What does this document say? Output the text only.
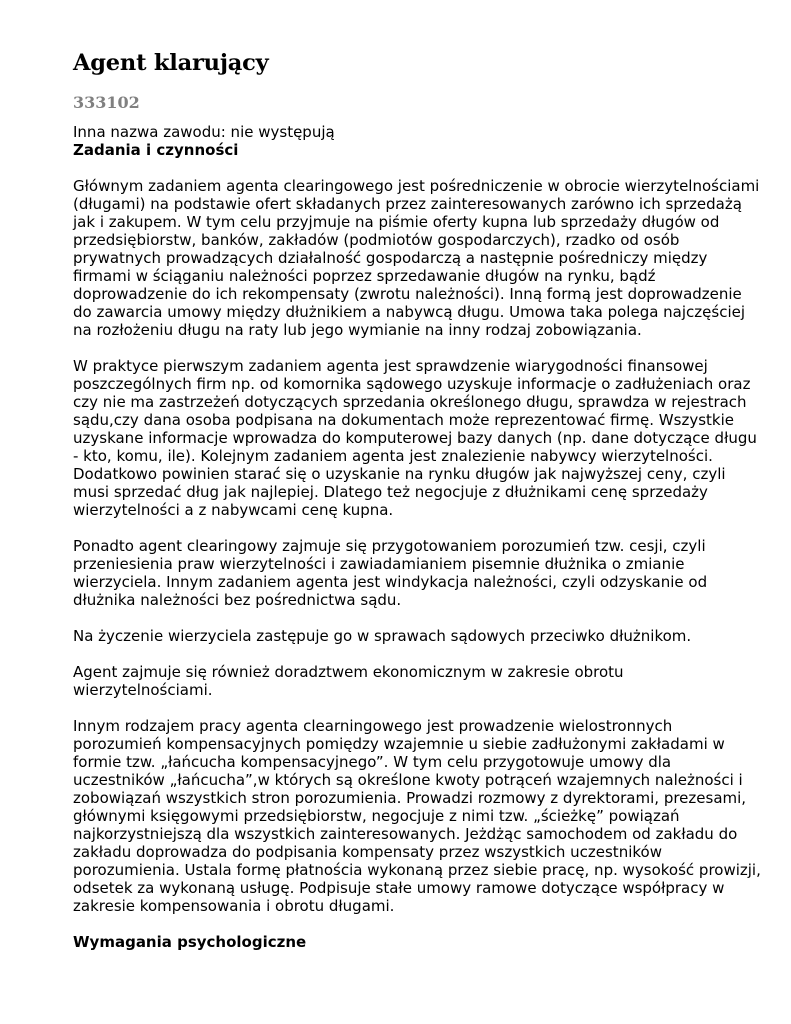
Agent klarujący
333102
Inna nazwa zawodu: nie występują
Zadania i czynności

Głównym zadaniem agenta clearingowego jest pośredniczenie w obrocie wierzytelnościami (długami) na podstawie ofert składanych przez zainteresowanych zarówno ich sprzedażą jak i zakupem. W tym celu przyjmuje na piśmie oferty kupna lub sprzedaży długów od przedsiębiorstw, banków, zakładów (podmiotów gospodarczych), rzadko od osób prywatnych prowadzących działalność gospodarczą a następnie pośredniczy między firmami w ściąganiu należności poprzez sprzedawanie długów na rynku, bądź doprowadzenie do ich rekompensaty (zwrotu należności). Inną formą jest doprowadzenie do zawarcia umowy między dłużnikiem a nabywcą długu. Umowa taka polega najczęściej na rozłożeniu długu na raty lub jego wymianie na inny rodzaj zobowiązania.

W praktyce pierwszym zadaniem agenta jest sprawdzenie wiarygodności finansowej poszczególnych firm np. od komornika sądowego uzyskuje informacje o zadłużeniach oraz czy nie ma zastrzeżeń dotyczących sprzedania określonego długu, sprawdza w rejestrach sądu,czy dana osoba podpisana na dokumentach może reprezentować firmę. Wszystkie uzyskane informacje wprowadza do komputerowej bazy danych (np. dane dotyczące długu - kto, komu, ile). Kolejnym zadaniem agenta jest znalezienie nabywcy wierzytelności. Dodatkowo powinien starać się o uzyskanie na rynku długów jak najwyższej ceny, czyli musi sprzedać dług jak najlepiej. Dlatego też negocjuje z dłużnikami cenę sprzedaży wierzytelności a z nabywcami cenę kupna.

Ponadto agent clearingowy zajmuje się przygotowaniem porozumień tzw. cesji, czyli przeniesienia praw wierzytelności i zawiadamianiem pisemnie dłużnika o zmianie wierzyciela. Innym zadaniem agenta jest windykacja należności, czyli odzyskanie od dłużnika należności bez pośrednictwa sądu.

Na życzenie wierzyciela zastępuje go w sprawach sądowych przeciwko dłużnikom.

Agent zajmuje się również doradztwem ekonomicznym w zakresie obrotu wierzytelnościami.

Innym rodzajem pracy agenta clearningowego jest prowadzenie wielostronnych porozumień kompensacyjnych pomiędzy wzajemnie u siebie zadłużonymi zakładami w formie tzw. „łańcucha kompensacyjnego”. W tym celu przygotowuje umowy dla uczestników „łańcucha”,w których są określone kwoty potrąceń wzajemnych należności i zobowiązań wszystkich stron porozumienia. Prowadzi rozmowy z dyrektorami, prezesami, głównymi księgowymi przedsiębiorstw, negocjuje z nimi tzw. „ścieżkę” powiązań najkorzystniejszą dla wszystkich zainteresowanych. Jeżdżąc samochodem od zakładu do zakładu doprowadza do podpisania kompensaty przez wszystkich uczestników porozumienia. Ustala formę płatnościa wykonaną przez siebie pracę, np. wysokość prowizji, odsetek za wykonaną usługę. Podpisuje stałe umowy ramowe dotyczące współpracy w zakresie kompensowania i obrotu długami.

Wymagania psychologiczne
